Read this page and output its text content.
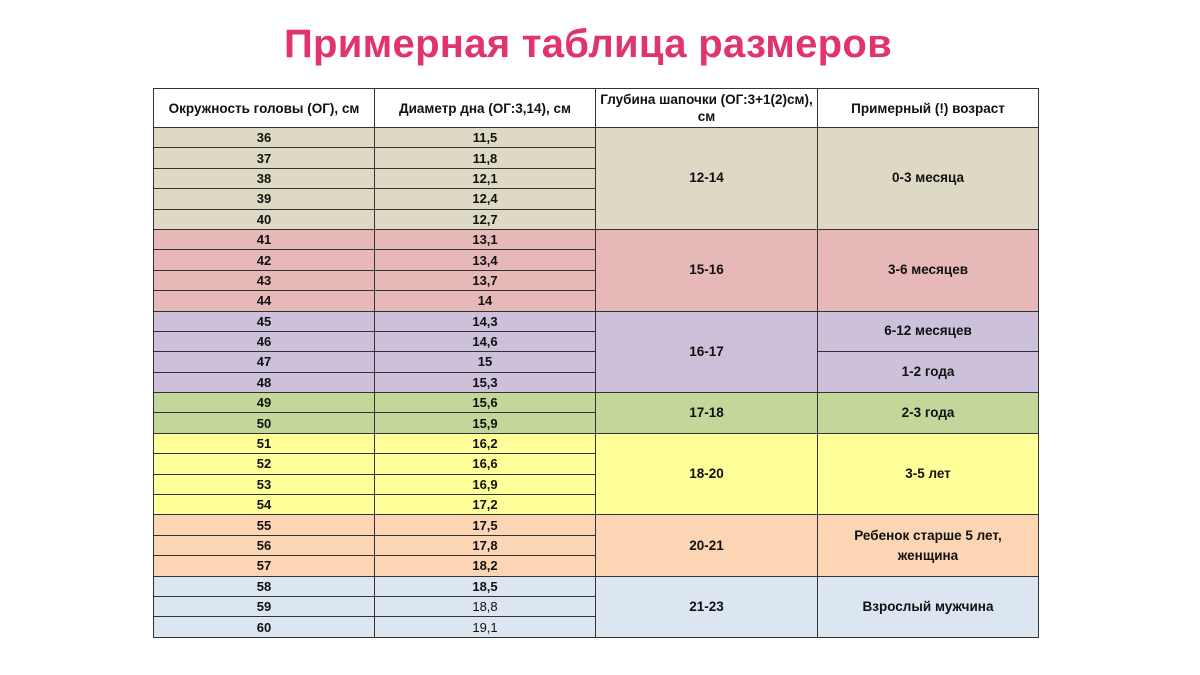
Примерная таблица размеров
Окружность головы (ОГ), см	Диаметр дна (ОГ:3,14), см	Глубина шапочки (ОГ:3+1(2)см), см	Примерный (!) возраст
36	11,5	12-14	0-3 месяца
37	11,8		
38	12,1		
39	12,4		
40	12,7		
41	13,1	15-16	3-6 месяцев
42	13,4		
43	13,7		
44	14		
45	14,3	16-17	6-12 месяцев
46	14,6		
47	15		1-2 года
48	15,3		
49	15,6	17-18	2-3 года
50	15,9		
51	16,2	18-20	3-5 лет
52	16,6		
53	16,9		
54	17,2		
55	17,5	20-21	Ребенок старше 5 лет, женщина
56	17,8		
57	18,2		
58	18,5	21-23	Взрослый мужчина
59	18,8		
60	19,1		
